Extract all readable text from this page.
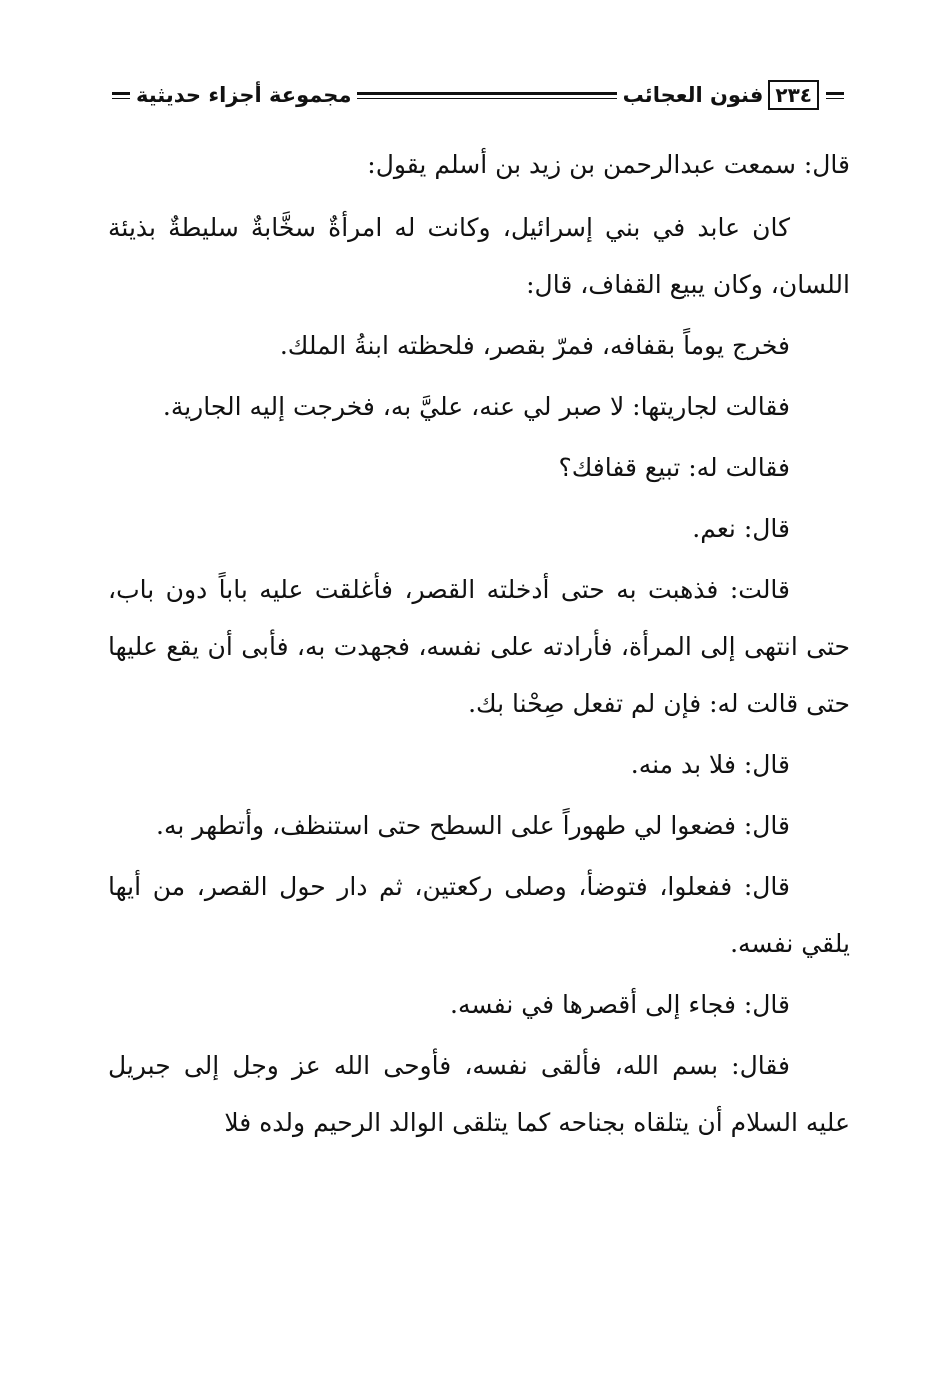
٢٣٤
فنون العجائب
مجموعة أجزاء حديثية

قال: سمعت عبدالرحمن بن زيد بن أسلم يقول:

كان عابد في بني إسرائيل، وكانت له امرأةٌ سخَّابةٌ سليطةٌ بذيئة اللسان، وكان يبيع القفاف، قال:

فخرج يوماً بقفافه، فمرّ بقصر، فلحظته ابنةُ الملك.

فقالت لجاريتها: لا صبر لي عنه، عليَّ به، فخرجت إليه الجارية.

فقالت له: تبيع قفافك؟

قال: نعم.

قالت: فذهبت به حتى أدخلته القصر، فأغلقت عليه باباً دون باب، حتى انتهى إلى المرأة، فأرادته على نفسه، فجهدت به، فأبى أن يقع عليها حتى قالت له: فإن لم تفعل صِحْنا بك.

قال: فلا بد منه.

قال: فضعوا لي طهوراً على السطح حتى استنظف، وأتطهر به.

قال: ففعلوا، فتوضأ، وصلى ركعتين، ثم دار حول القصر، من أيها يلقي نفسه.

قال: فجاء إلى أقصرها في نفسه.

فقال: بسم الله، فألقى نفسه، فأوحى الله عز وجل إلى جبريل عليه السلام أن يتلقاه بجناحه كما يتلقى الوالد الرحيم ولده فلا
